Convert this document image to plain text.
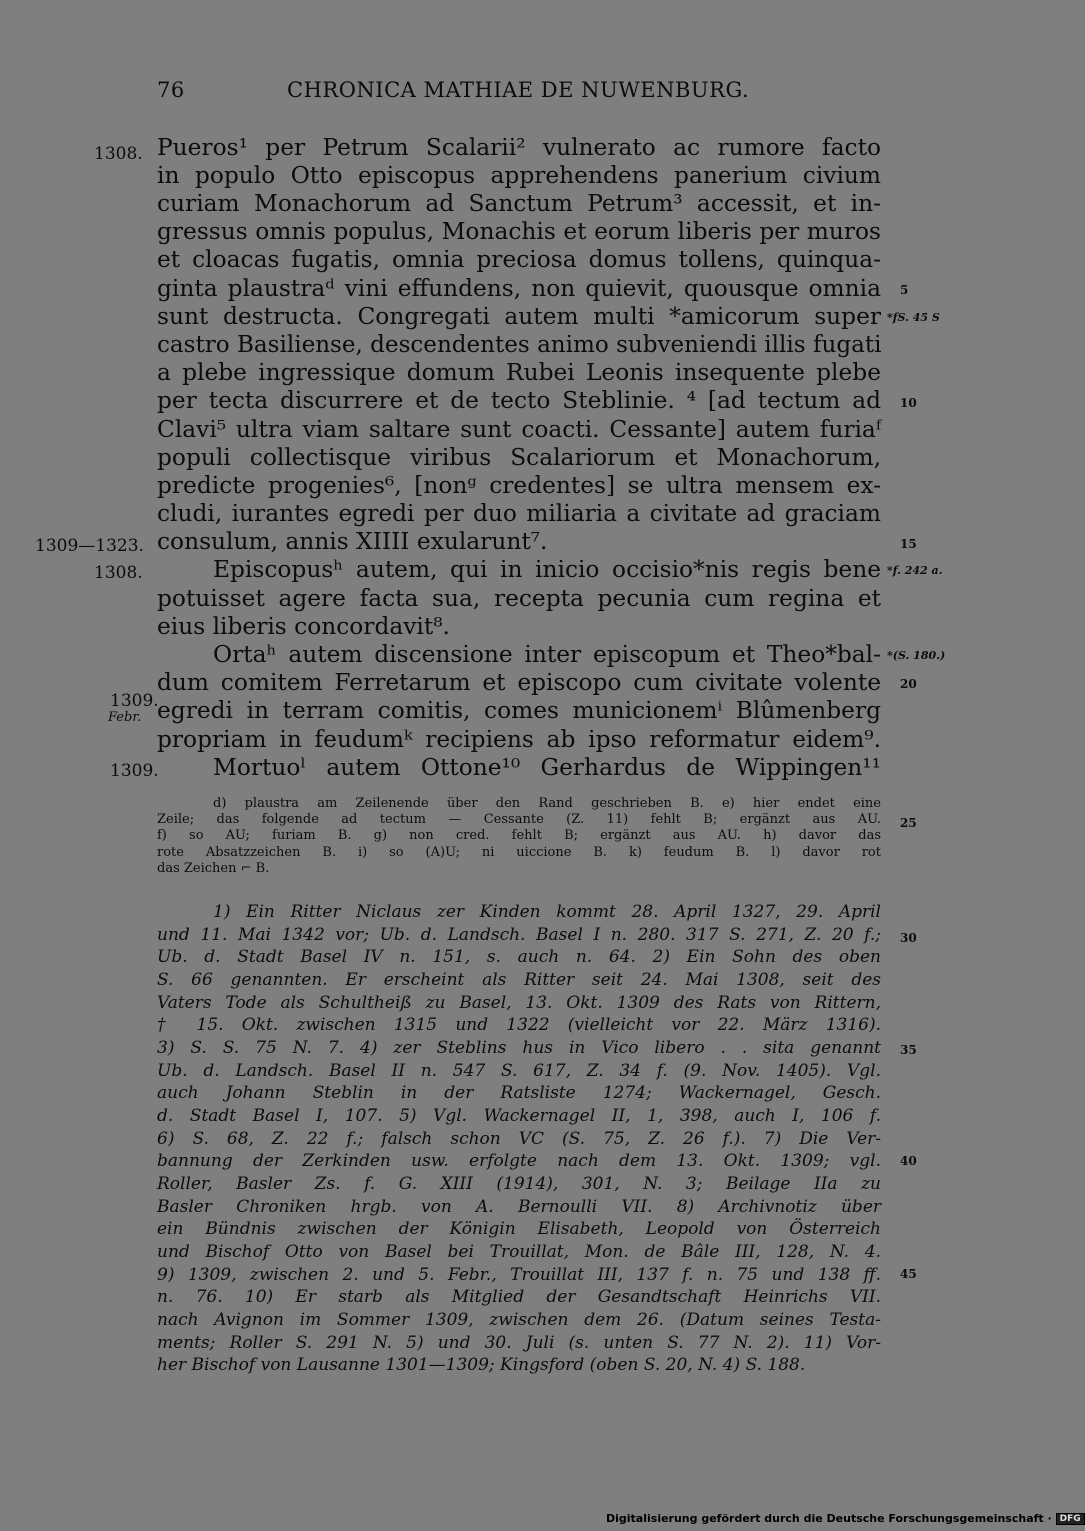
76	CHRONICA MATHIAE DE NUWENBURG.
1308.
1309—1323.
1308.
1309.
Febr.
1309.
Pueros¹ per Petrum Scalarii² vulnerato ac rumore facto
in populo Otto episcopus apprehendens panerium civium
curiam Monachorum ad Sanctum Petrum³ accessit, et in-
gressus omnis populus, Monachis et eorum liberis per muros
et cloacas fugatis, omnia preciosa domus tollens, quinqua-
ginta plaustraᵈ vini effundens, non quievit, quousque omnia
sunt destructa. Congregati autem multi *amicorum super
castro Basiliense, descendentes animo subveniendi illis fugati
a plebe ingressique domum Rubei Leonis insequente plebe
per tecta discurrere et de tecto Steblinie. ⁴ [ad tectum ad
Clavi⁵ ultra viam saltare sunt coacti. Cessante] autem furiaᶠ
populi collectisque viribus Scalariorum et Monachorum,
predicte progenies⁶, [nonᵍ credentes] se ultra mensem ex-
cludi, iurantes egredi per duo miliaria a civitate ad graciam
consulum, annis XIIII exularunt⁷.
Episcopusʰ autem, qui in inicio occisio*nis regis bene
potuisset agere facta sua, recepta pecunia cum regina et
eius liberis concordavit⁸.
Ortaʰ autem discensione inter episcopum et Theo*bal-
dum comitem Ferretarum et episcopo cum civitate volente
egredi in terram comitis, comes municionemⁱ Blûmenberg
propriam in feudumᵏ recipiens ab ipso reformatur eidem⁹.
Mortuoˡ autem Ottone¹⁰ Gerhardus de Wippingen¹¹
5
10
15
20
25
30
35
40
45
*fS. 45 S
*f. 242 a.
*(S. 180.)
d) plaustra am Zeilenende über den Rand geschrieben B. e) hier endet eine
Zeile; das folgende ad tectum — Cessante (Z. 11) fehlt B; ergänzt aus AU.
f) so AU; furiam B. g) non cred. fehlt B; ergänzt aus AU. h) davor das
rote Absatzzeichen B. i) so (A)U; ni uiccione B. k) feudum B. l) davor rot
das Zeichen ⌐ B.
1) Ein Ritter Niclaus zer Kinden kommt 28. April 1327, 29. April
und 11. Mai 1342 vor; Ub. d. Landsch. Basel I n. 280. 317 S. 271, Z. 20 f.;
Ub. d. Stadt Basel IV n. 151, s. auch n. 64. 2) Ein Sohn des oben
S. 66 genannten. Er erscheint als Ritter seit 24. Mai 1308, seit des
Vaters Tode als Schultheiß zu Basel, 13. Okt. 1309 des Rats von Rittern,
† 15. Okt. zwischen 1315 und 1322 (vielleicht vor 22. März 1316).
3) S. S. 75 N. 7. 4) zer Steblins hus in Vico libero . . sita genannt
Ub. d. Landsch. Basel II n. 547 S. 617, Z. 34 f. (9. Nov. 1405). Vgl.
auch Johann Steblin in der Ratsliste 1274; Wackernagel, Gesch.
d. Stadt Basel I, 107. 5) Vgl. Wackernagel II, 1, 398, auch I, 106 f.
6) S. 68, Z. 22 f.; falsch schon VC (S. 75, Z. 26 f.). 7) Die Ver-
bannung der Zerkinden usw. erfolgte nach dem 13. Okt. 1309; vgl.
Roller, Basler Zs. f. G. XIII (1914), 301, N. 3; Beilage IIa zu
Basler Chroniken hrgb. von A. Bernoulli VII. 8) Archivnotiz über
ein Bündnis zwischen der Königin Elisabeth, Leopold von Österreich
und Bischof Otto von Basel bei Trouillat, Mon. de Bâle III, 128, N. 4.
9) 1309, zwischen 2. und 5. Febr., Trouillat III, 137 f. n. 75 und 138 ff.
n. 76. 10) Er starb als Mitglied der Gesandtschaft Heinrichs VII.
nach Avignon im Sommer 1309, zwischen dem 26. (Datum seines Testa-
ments; Roller S. 291 N. 5) und 30. Juli (s. unten S. 77 N. 2). 11) Vor-
her Bischof von Lausanne 1301—1309; Kingsford (oben S. 20, N. 4) S. 188.
Digitalisierung gefördert durch die Deutsche Forschungsgemeinschaft · DFG
